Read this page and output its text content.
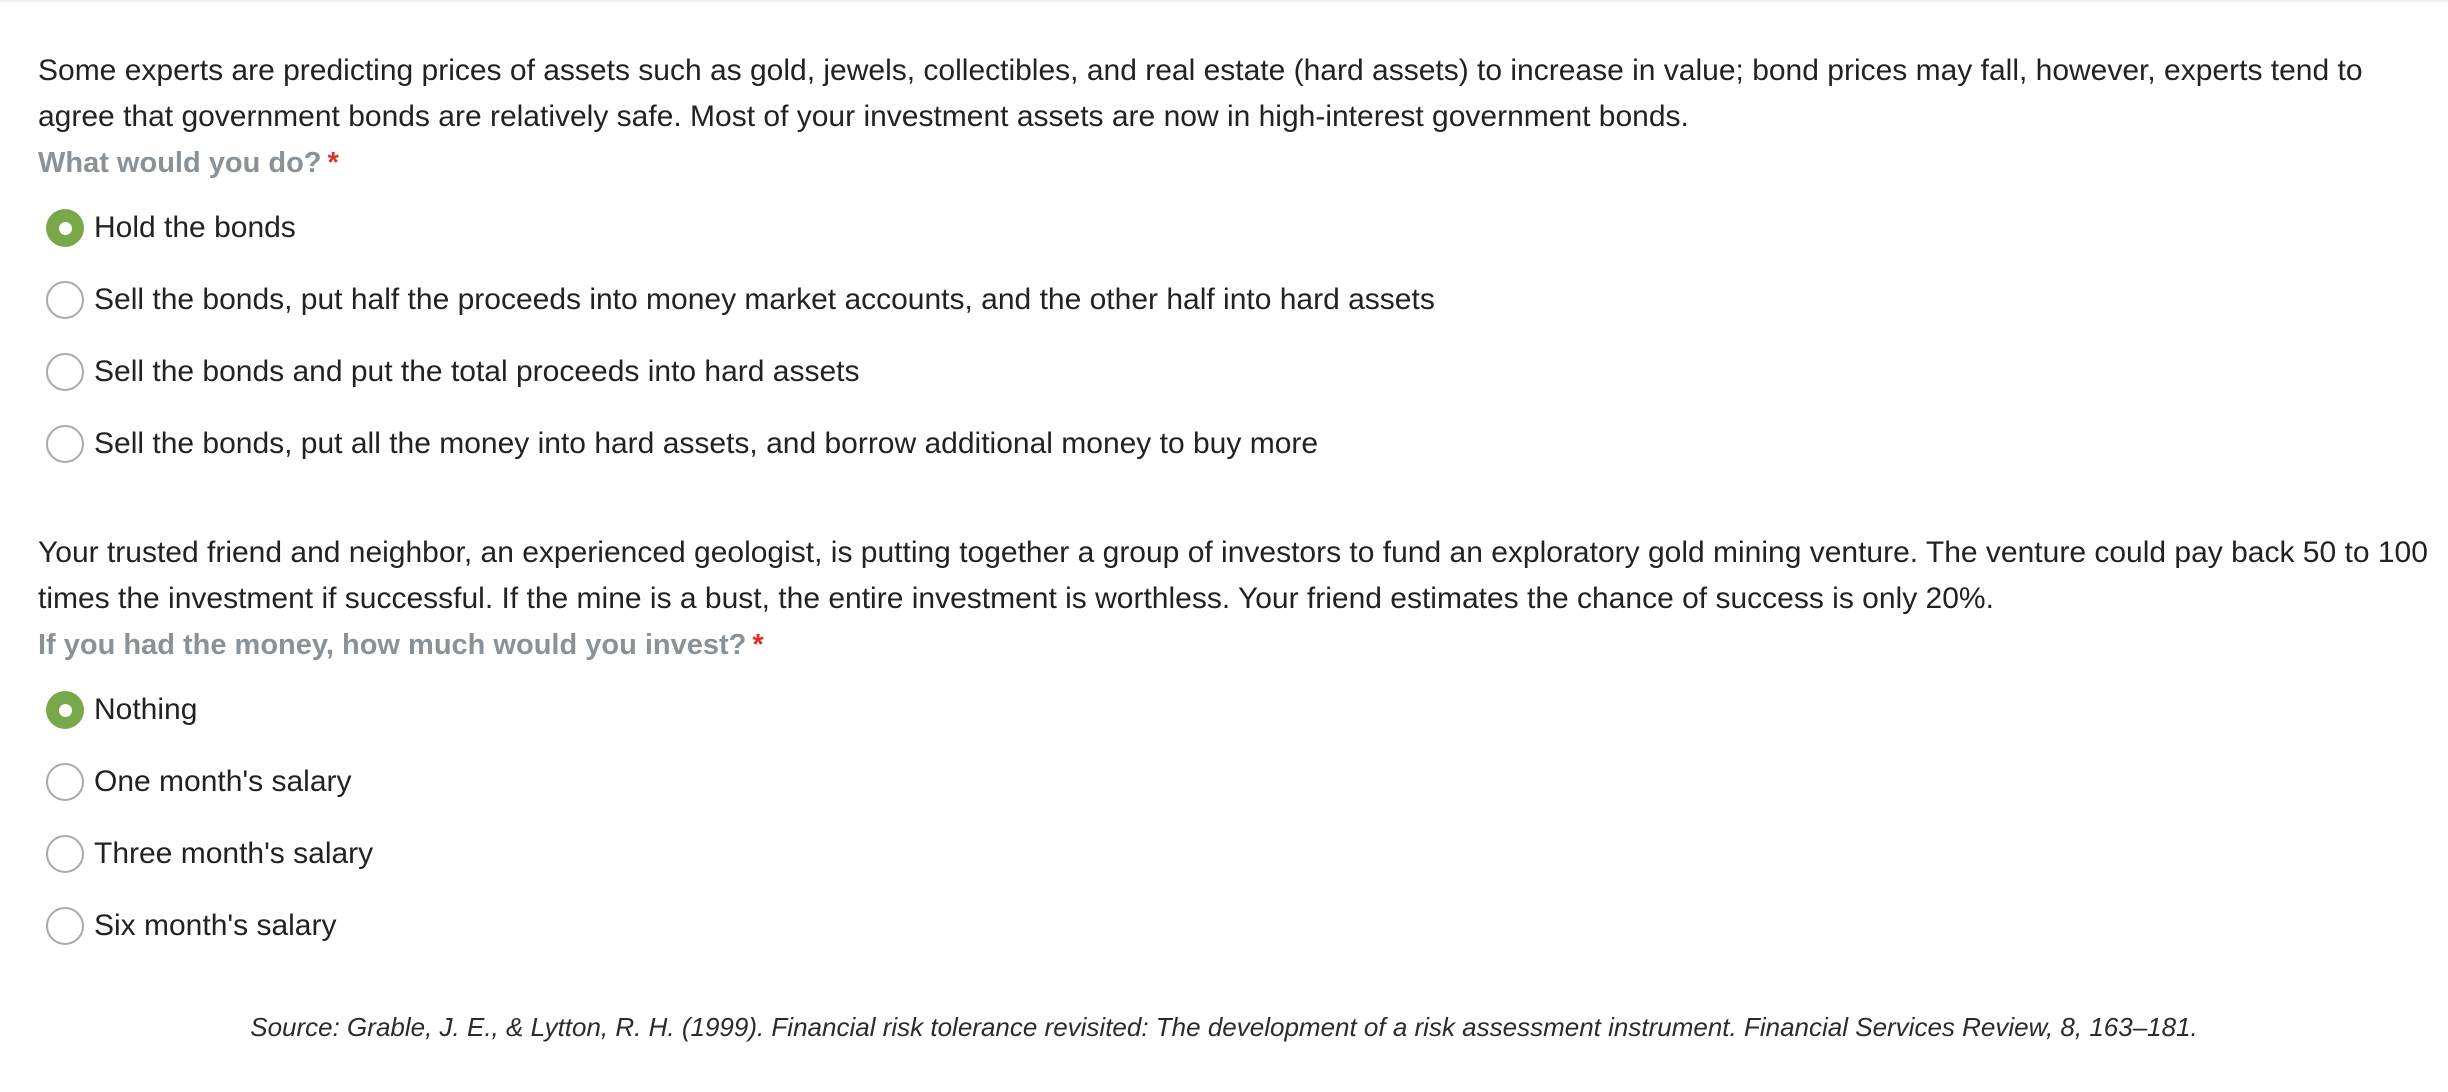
Some experts are predicting prices of assets such as gold, jewels, collectibles, and real estate (hard assets) to increase in value; bond prices may fall, however, experts tend to agree that government bonds are relatively safe. Most of your investment assets are now in high-interest government bonds.

What would you do? *

Hold the bonds
Sell the bonds, put half the proceeds into money market accounts, and the other half into hard assets
Sell the bonds and put the total proceeds into hard assets
Sell the bonds, put all the money into hard assets, and borrow additional money to buy more

Your trusted friend and neighbor, an experienced geologist, is putting together a group of investors to fund an exploratory gold mining venture. The venture could pay back 50 to 100 times the investment if successful. If the mine is a bust, the entire investment is worthless. Your friend estimates the chance of success is only 20%.

If you had the money, how much would you invest? *

Nothing
One month's salary
Three month's salary
Six month's salary
Source: Grable, J. E., & Lytton, R. H. (1999). Financial risk tolerance revisited: The development of a risk assessment instrument. Financial Services Review, 8, 163–181.
